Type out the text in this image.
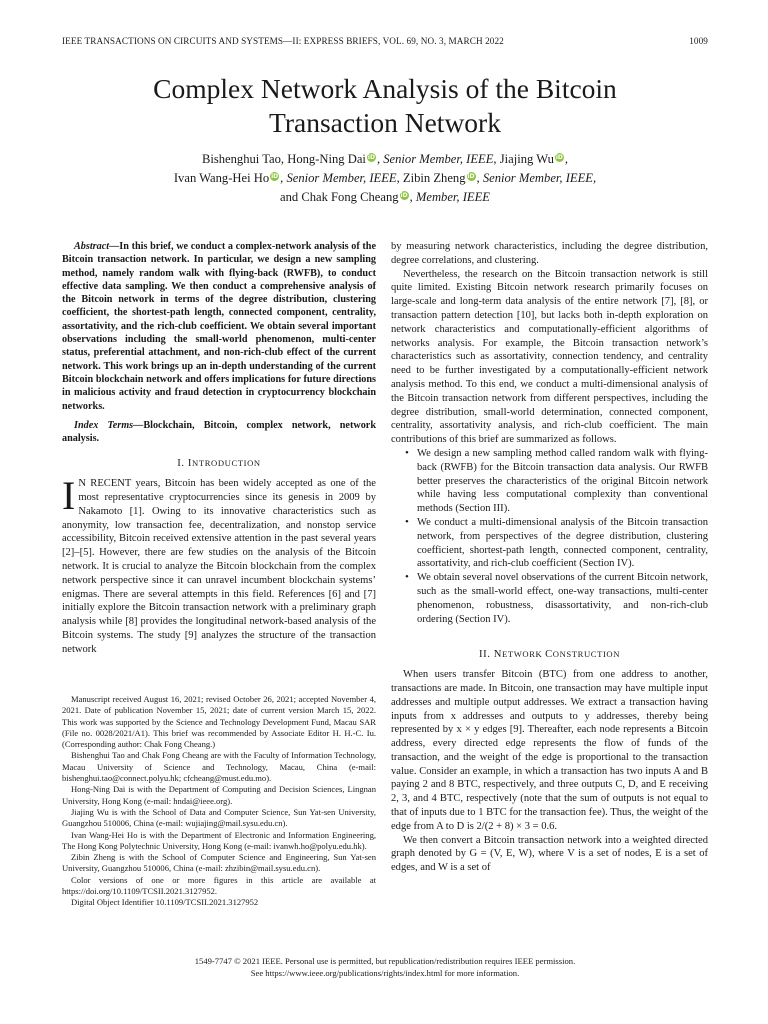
IEEE TRANSACTIONS ON CIRCUITS AND SYSTEMS—II: EXPRESS BRIEFS, VOL. 69, NO. 3, MARCH 2022	1009
Complex Network Analysis of the Bitcoin
Transaction Network
Bishenghui Tao, Hong-Ning Dai iD , Senior Member, IEEE, Jiajing Wu iD ,
Ivan Wang-Hei Ho iD , Senior Member, IEEE, Zibin Zheng iD , Senior Member, IEEE,
and Chak Fong Cheang iD , Member, IEEE

Abstract—In this brief, we conduct a complex-network analysis of the Bitcoin transaction network. In particular, we design a new sampling method, namely random walk with flying-back (RWFB), to conduct effective data sampling. We then conduct a comprehensive analysis of the Bitcoin network in terms of the degree distribution, clustering coefficient, the shortest-path length, connected component, centrality, assortativity, and the rich-club coefficient. We obtain several important observations including the small-world phenomenon, multi-center status, preferential attachment, and non-rich-club effect of the current network. This work brings up an in-depth understanding of the current Bitcoin blockchain network and offers implications for future directions in malicious activity and fraud detection in cryptocurrency blockchain networks.

Index Terms—Blockchain, Bitcoin, complex network, network analysis.

I. INTRODUCTION

I N RECENT years, Bitcoin has been widely accepted as one of the most representative cryptocurrencies since its genesis in 2009 by Nakamoto [1]. Owing to its innovative characteristics such as anonymity, low transaction fee, decentralization, and nonstop service accessibility, Bitcoin received extensive attention in the past several years [2]–[5]. However, there are few studies on the analysis of the Bitcoin network. It is crucial to analyze the Bitcoin blockchain from the complex network perspective since it can unravel incumbent blockchain systems’ enigmas. There are several attempts in this field. References [6] and [7] initially explore the Bitcoin transaction network with a preliminary graph analysis while [8] provides the longitudinal network-based analysis of the Bitcoin systems. The study [9] analyzes the structure of the transaction network

Manuscript received August 16, 2021; revised October 26, 2021; accepted November 4, 2021. Date of publication November 15, 2021; date of current version March 15, 2022. This work was supported by the Science and Technology Development Fund, Macau SAR (File no. 0028/2021/A1). This brief was recommended by Associate Editor H. H.-C. Iu. (Corresponding author: Chak Fong Cheang.)

Bishenghui Tao and Chak Fong Cheang are with the Faculty of Information Technology, Macau University of Science and Technology, Macau, China (e-mail: bishenghui.tao@connect.polyu.hk; cfcheang@must.edu.mo).

Hong-Ning Dai is with the Department of Computing and Decision Sciences, Lingnan University, Hong Kong (e-mail: hndai@ieee.org).

Jiajing Wu is with the School of Data and Computer Science, Sun Yat-sen University, Guangzhou 510006, China (e-mail: wujiajing@mail.sysu.edu.cn).

Ivan Wang-Hei Ho is with the Department of Electronic and Information Engineering, The Hong Kong Polytechnic University, Hong Kong (e-mail: ivanwh.ho@polyu.edu.hk).

Zibin Zheng is with the School of Computer Science and Engineering, Sun Yat-sen University, Guangzhou 510006, China (e-mail: zhzibin@mail.sysu.edu.cn).

Color versions of one or more figures in this article are available at https://doi.org/10.1109/TCSII.2021.3127952.

Digital Object Identifier 10.1109/TCSII.2021.3127952

by measuring network characteristics, including the degree distribution, degree correlations, and clustering.

Nevertheless, the research on the Bitcoin transaction network is still quite limited. Existing Bitcoin network research primarily focuses on large-scale and long-term data analysis of the entire network [7], [8], or transaction pattern detection [10], but lacks both in-depth exploration on network characteristics and computationally-efficient algorithms of networks analysis. For example, the Bitcoin transaction network’s characteristics such as assortativity, connection tendency, and centrality need to be further investigated by a computationally-efficient network analysis method. To this end, we conduct a multi-dimensional analysis of the Bitcoin transaction network from different perspectives, including the degree distribution, small-world determination, connected component, centrality, assortativity analysis, and rich-club coefficient. The main contributions of this brief are summarized as follows.

• We design a new sampling method called random walk with flying-back (RWFB) for the Bitcoin transaction data analysis. Our RWFB better preserves the characteristics of the original Bitcoin network while having less computational complexity than conventional methods (Section III).
• We conduct a multi-dimensional analysis of the Bitcoin transaction network, from perspectives of the degree distribution, clustering coefficient, shortest-path length, connected component, centrality, assortativity, and rich-club coefficient (Section IV).
• We obtain several novel observations of the current Bitcoin network, such as the small-world effect, one-way transactions, multi-center phenomenon, robustness, disassortativity, and non-rich-club ordering (Section IV).
II. NETWORK CONSTRUCTION

When users transfer Bitcoin (BTC) from one address to another, transactions are made. In Bitcoin, one transaction may have multiple input addresses and multiple output addresses. We extract a transaction having inputs from x addresses and outputs to y addresses, thereby being represented by x × y edges [9]. Thereafter, each node represents a Bitcoin address, every directed edge represents the flow of funds of the transaction, and the weight of the edge is proportional to the transaction value. Consider an example, in which a transaction has two inputs A and B paying 2 and 8 BTC, respectively, and three outputs C, D, and E receiving 2, 3, and 4 BTC, respectively (note that the sum of outputs is not equal to that of inputs due to 1 BTC for the transaction fee). Thus, the weight of the edge from A to D is 2/(2 + 8) × 3 = 0.6.

We then convert a Bitcoin transaction network into a weighted directed graph denoted by G = (V, E, W), where V is a set of nodes, E is a set of edges, and W is a set of

1549-7747 © 2021 IEEE. Personal use is permitted, but republication/redistribution requires IEEE permission.
See https://www.ieee.org/publications/rights/index.html for more information.
